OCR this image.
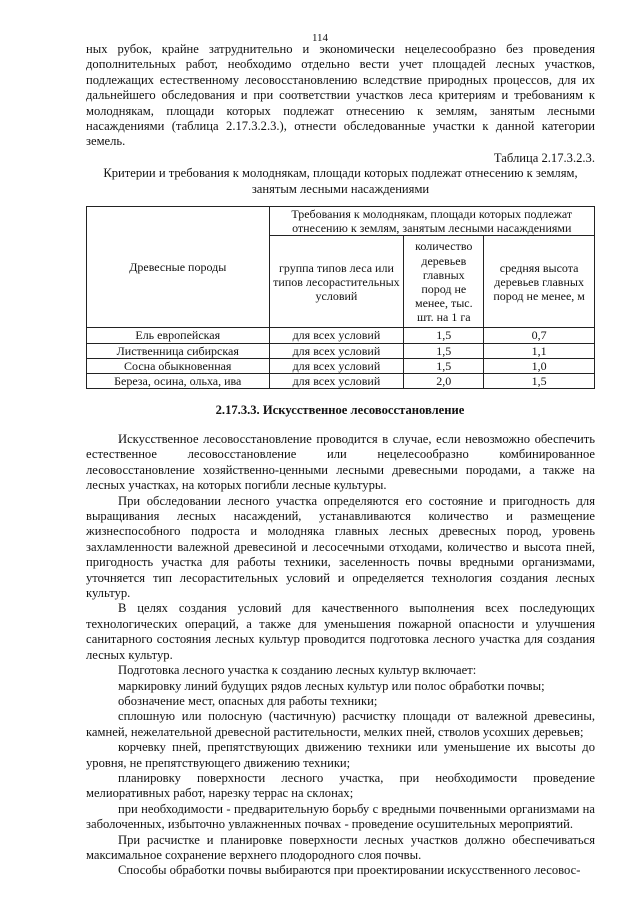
114

ных рубок, крайне затруднительно и экономически нецелесообразно без проведения дополнительных работ, необходимо отдельно вести учет площадей лесных участков, подлежащих естественному лесовосстановлению вследствие природных процессов, для их дальнейшего обследования и при соответствии участков леса критериям и требованиям к молоднякам, площади которых подлежат отнесению к землям, занятым лесными насаждениями (таблица 2.17.3.2.3.), отнести обследованные участки к данной категории земель.

Таблица 2.17.3.2.3.
Критерии и требования к молоднякам, площади которых подлежат отнесению к землям, занятым лесными насаждениями
Древесные породы	Требования к молоднякам, площади которых подлежат отнесению к землям, занятым лесными насаждениями		
	группа типов леса или типов лесорастительных условий	количество деревьев главных пород не менее, тыс. шт. на 1 га	средняя высота деревьев главных пород не менее, м
Ель европейская	для всех условий	1,5	0,7
Лиственница сибирская	для всех условий	1,5	1,1
Сосна обыкновенная	для всех условий	1,5	1,0
Береза, осина, ольха, ива	для всех условий	2,0	1,5
2.17.3.3. Искусственное лесовосстановление

Искусственное лесовосстановление проводится в случае, если невозможно обеспечить естественное лесовосстановление или нецелесообразно комбинированное лесовосстановление хозяйственно-ценными лесными древесными породами, а также на лесных участках, на которых погибли лесные культуры.

При обследовании лесного участка определяются его состояние и пригодность для выращивания лесных насаждений, устанавливаются количество и размещение жизнеспособного подроста и молодняка главных лесных древесных пород, уровень захламленности валежной древесиной и лесосечными отходами, количество и высота пней, пригодность участка для работы техники, заселенность почвы вредными организмами, уточняется тип лесорастительных условий и определяется технология создания лесных культур.

В целях создания условий для качественного выполнения всех последующих технологических операций, а также для уменьшения пожарной опасности и улучшения санитарного состояния лесных культур проводится подготовка лесного участка для создания лесных культур.

Подготовка лесного участка к созданию лесных культур включает:

маркировку линий будущих рядов лесных культур или полос обработки почвы;

обозначение мест, опасных для работы техники;

сплошную или полосную (частичную) расчистку площади от валежной древесины, камней, нежелательной древесной растительности, мелких пней, стволов усохших деревьев;

корчевку пней, препятствующих движению техники или уменьшение их высоты до уровня, не препятствующего движению техники;

планировку поверхности лесного участка, при необходимости проведение мелиоративных работ, нарезку террас на склонах;

при необходимости - предварительную борьбу с вредными почвенными организмами на заболоченных, избыточно увлажненных почвах - проведение осушительных мероприятий.

При расчистке и планировке поверхности лесных участков должно обеспечиваться максимальное сохранение верхнего плодородного слоя почвы.

Способы обработки почвы выбираются при проектировании искусственного лесовос-
